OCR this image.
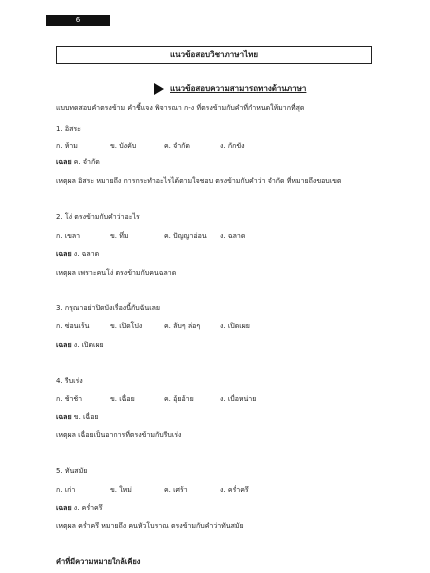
6
แนวข้อสอบวิชาภาษาไทย
แนวข้อสอบความสามารถทางด้านภาษา
แบบทดสอบคำตรงข้าม คำชี้แจง พิจารณา ก-ง ที่ตรงข้ามกับคำที่กำหนดให้มากที่สุด
1. อิสระ
ก. ห้าม	ข. บังคับ	ค. จำกัด	ง. กักขัง
เฉลย ค. จำกัด
เหตุผล อิสระ หมายถึง การกระทำอะไรได้ตามใจชอบ ตรงข้ามกับคำว่า จำกัด ที่หมายถึงขอบเขต
2. โง่ ตรงข้ามกับคำว่าอะไร
ก. เขลา	ข. ทึ่ม	ค. ปัญญาอ่อน ง. ฉลาด
เฉลย ง. ฉลาด
เหตุผล เพราะคนโง่ ตรงข้ามกับคนฉลาด
3. กรุณาอย่าปิดบังเรื่องนี้กับฉันเลย
ก. ซ่อนเร้น	ข. เปิดโปง	ค. ลับๆ ล่อๆ	ง. เปิดเผย
เฉลย ง. เปิดเผย
4. รีบเร่ง
ก. ช้าช้า	ข. เฉื่อย	ค. อุ้ยอ้าย	ง. เบื่อหน่าย
เฉลย ข. เฉื่อย
เหตุผล เฉื่อยเป็นอาการที่ตรงข้ามกับรีบเร่ง
5. ทันสมัย
ก. เก่า	ข. ใหม่	ค. เศร้า	ง. คร่ำครึ
เฉลย ง. คร่ำครึ
เหตุผล คร่ำครึ หมายถึง คนหัวโบราณ ตรงข้ามกับคำว่าทันสมัย
คำที่มีความหมายใกล้เคียง
